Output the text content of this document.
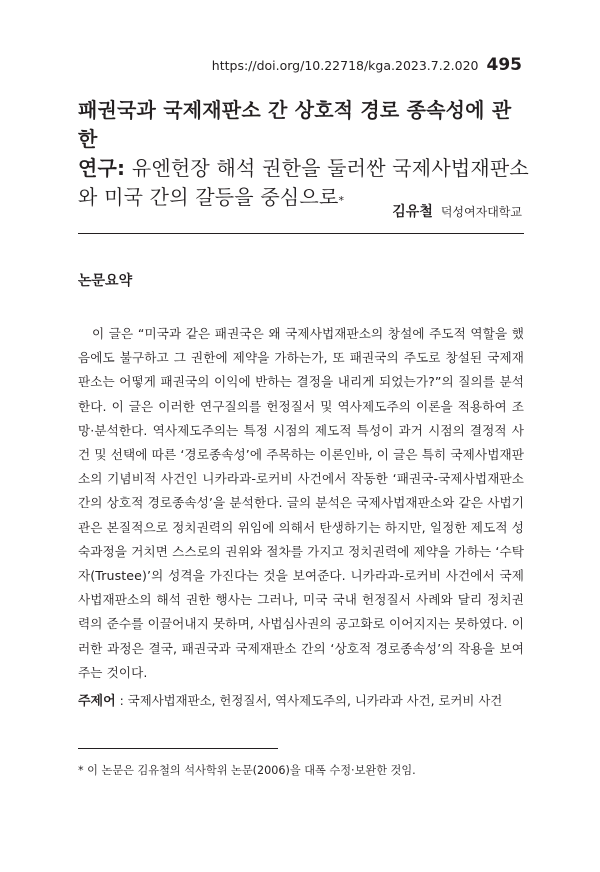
https://doi.org/10.22718/kga.2023.7.2.020 495
패권국과 국제재판소 간 상호적 경로 종속성에 관한
연구: 유엔헌장 해석 권한을 둘러싼 국제사법재판소와 미국 간의 갈등을 중심으로*
김유철 덕성여자대학교
논문요약
이 글은 “미국과 같은 패권국은 왜 국제사법재판소의 창설에 주도적 역할을 했음에도 불구하고 그 권한에 제약을 가하는가, 또 패권국의 주도로 창설된 국제재판소는 어떻게 패권국의 이익에 반하는 결정을 내리게 되었는가?”의 질의를 분석한다. 이 글은 이러한 연구질의를 헌정질서 및 역사제도주의 이론을 적용하여 조망·분석한다. 역사제도주의는 특정 시점의 제도적 특성이 과거 시점의 결정적 사건 및 선택에 따른 ‘경로종속성’에 주목하는 이론인바, 이 글은 특히 국제사법재판소의 기념비적 사건인 니카라과-로커비 사건에서 작동한 ‘패권국-국제사법재판소 간의 상호적 경로종속성’을 분석한다. 글의 분석은 국제사법재판소와 같은 사법기관은 본질적으로 정치권력의 위임에 의해서 탄생하기는 하지만, 일정한 제도적 성숙과정을 거치면 스스로의 권위와 절차를 가지고 정치권력에 제약을 가하는 ‘수탁자(Trustee)’의 성격을 가진다는 것을 보여준다. 니카라과-로커비 사건에서 국제사법재판소의 해석 권한 행사는 그러나, 미국 국내 헌정질서 사례와 달리 정치권력의 준수를 이끌어내지 못하며, 사법심사권의 공고화로 이어지지는 못하였다. 이러한 과정은 결국, 패권국과 국제재판소 간의 ‘상호적 경로종속성’의 작용을 보여주는 것이다.
주제어 : 국제사법재판소, 헌정질서, 역사제도주의, 니카라과 사건, 로커비 사건
* 이 논문은 김유철의 석사학위 논문(2006)을 대폭 수정·보완한 것임.
